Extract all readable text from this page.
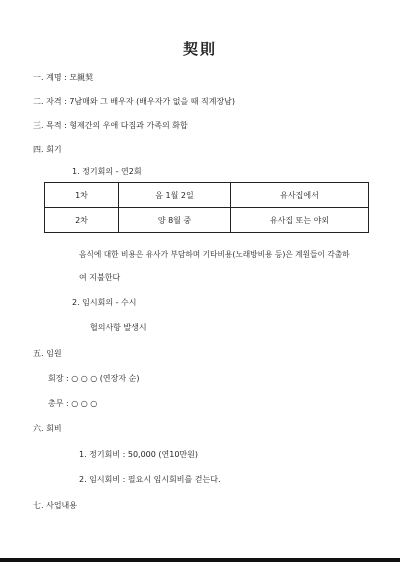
契則
一. 계명 : 모親契
二. 자격 : 7남매와 그 배우자 (배우자가 없을 때 직계장남)
三. 목적 : 형제간의 우애 다짐과 가족의 화합
四. 회기
1. 정기회의 - 연2회
1차	음 1월 2일	유사집에서
2차	양 8월 중	유사집 또는 야외
음식에 대한 비용은 유사가 부담하며 기타비용(노래방비용 등)은 계원들이 각출하
여 지불한다
2. 임시회의 - 수시
협의사항 발생시
五. 임원
회장 : ○ ○ ○ (연장자 순)
총무 : ○ ○ ○
六. 회비
1. 정기회비 : 50,000 (연10만원)
2. 임시회비 : 필요시 임시회비를 걷는다.
七. 사업내용
